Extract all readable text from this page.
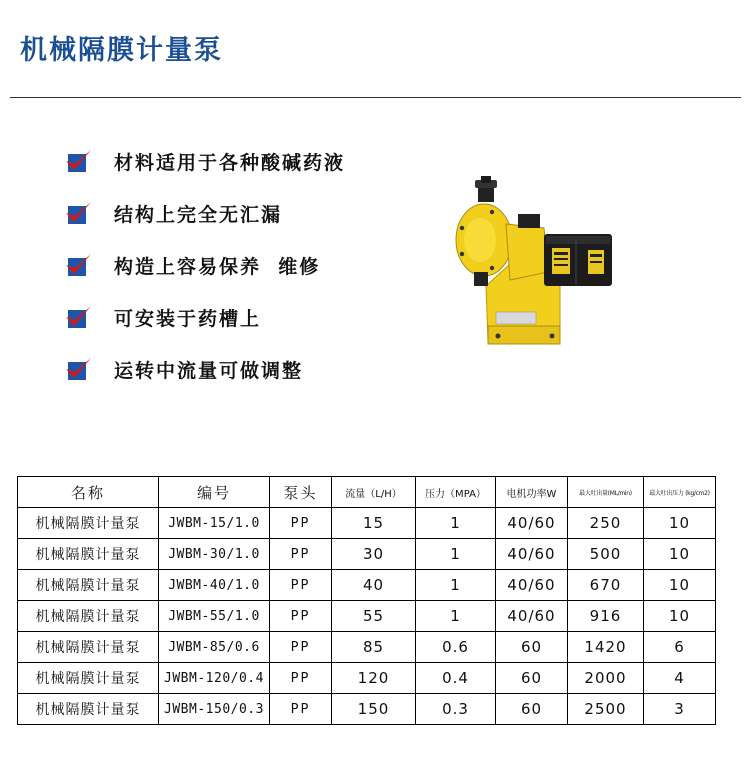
机械隔膜计量泵
材料适用于各种酸碱药液
结构上完全无汇漏
构造上容易保养  维修
可安装于药槽上
运转中流量可做调整
名称	编号	泵头	流量（L/H）	压力（MPA）	电机功率W	最大吐出量(ML/min)	最大吐出压力 (kg/cm2)
机械隔膜计量泵	JWBM-15/1.0	PP	15	1	40/60	250	10
机械隔膜计量泵	JWBM-30/1.0	PP	30	1	40/60	500	10
机械隔膜计量泵	JWBM-40/1.0	PP	40	1	40/60	670	10
机械隔膜计量泵	JWBM-55/1.0	PP	55	1	40/60	916	10
机械隔膜计量泵	JWBM-85/0.6	PP	85	0.6	60	1420	6
机械隔膜计量泵	JWBM-120/0.4	PP	120	0.4	60	2000	4
机械隔膜计量泵	JWBM-150/0.3	PP	150	0.3	60	2500	3
